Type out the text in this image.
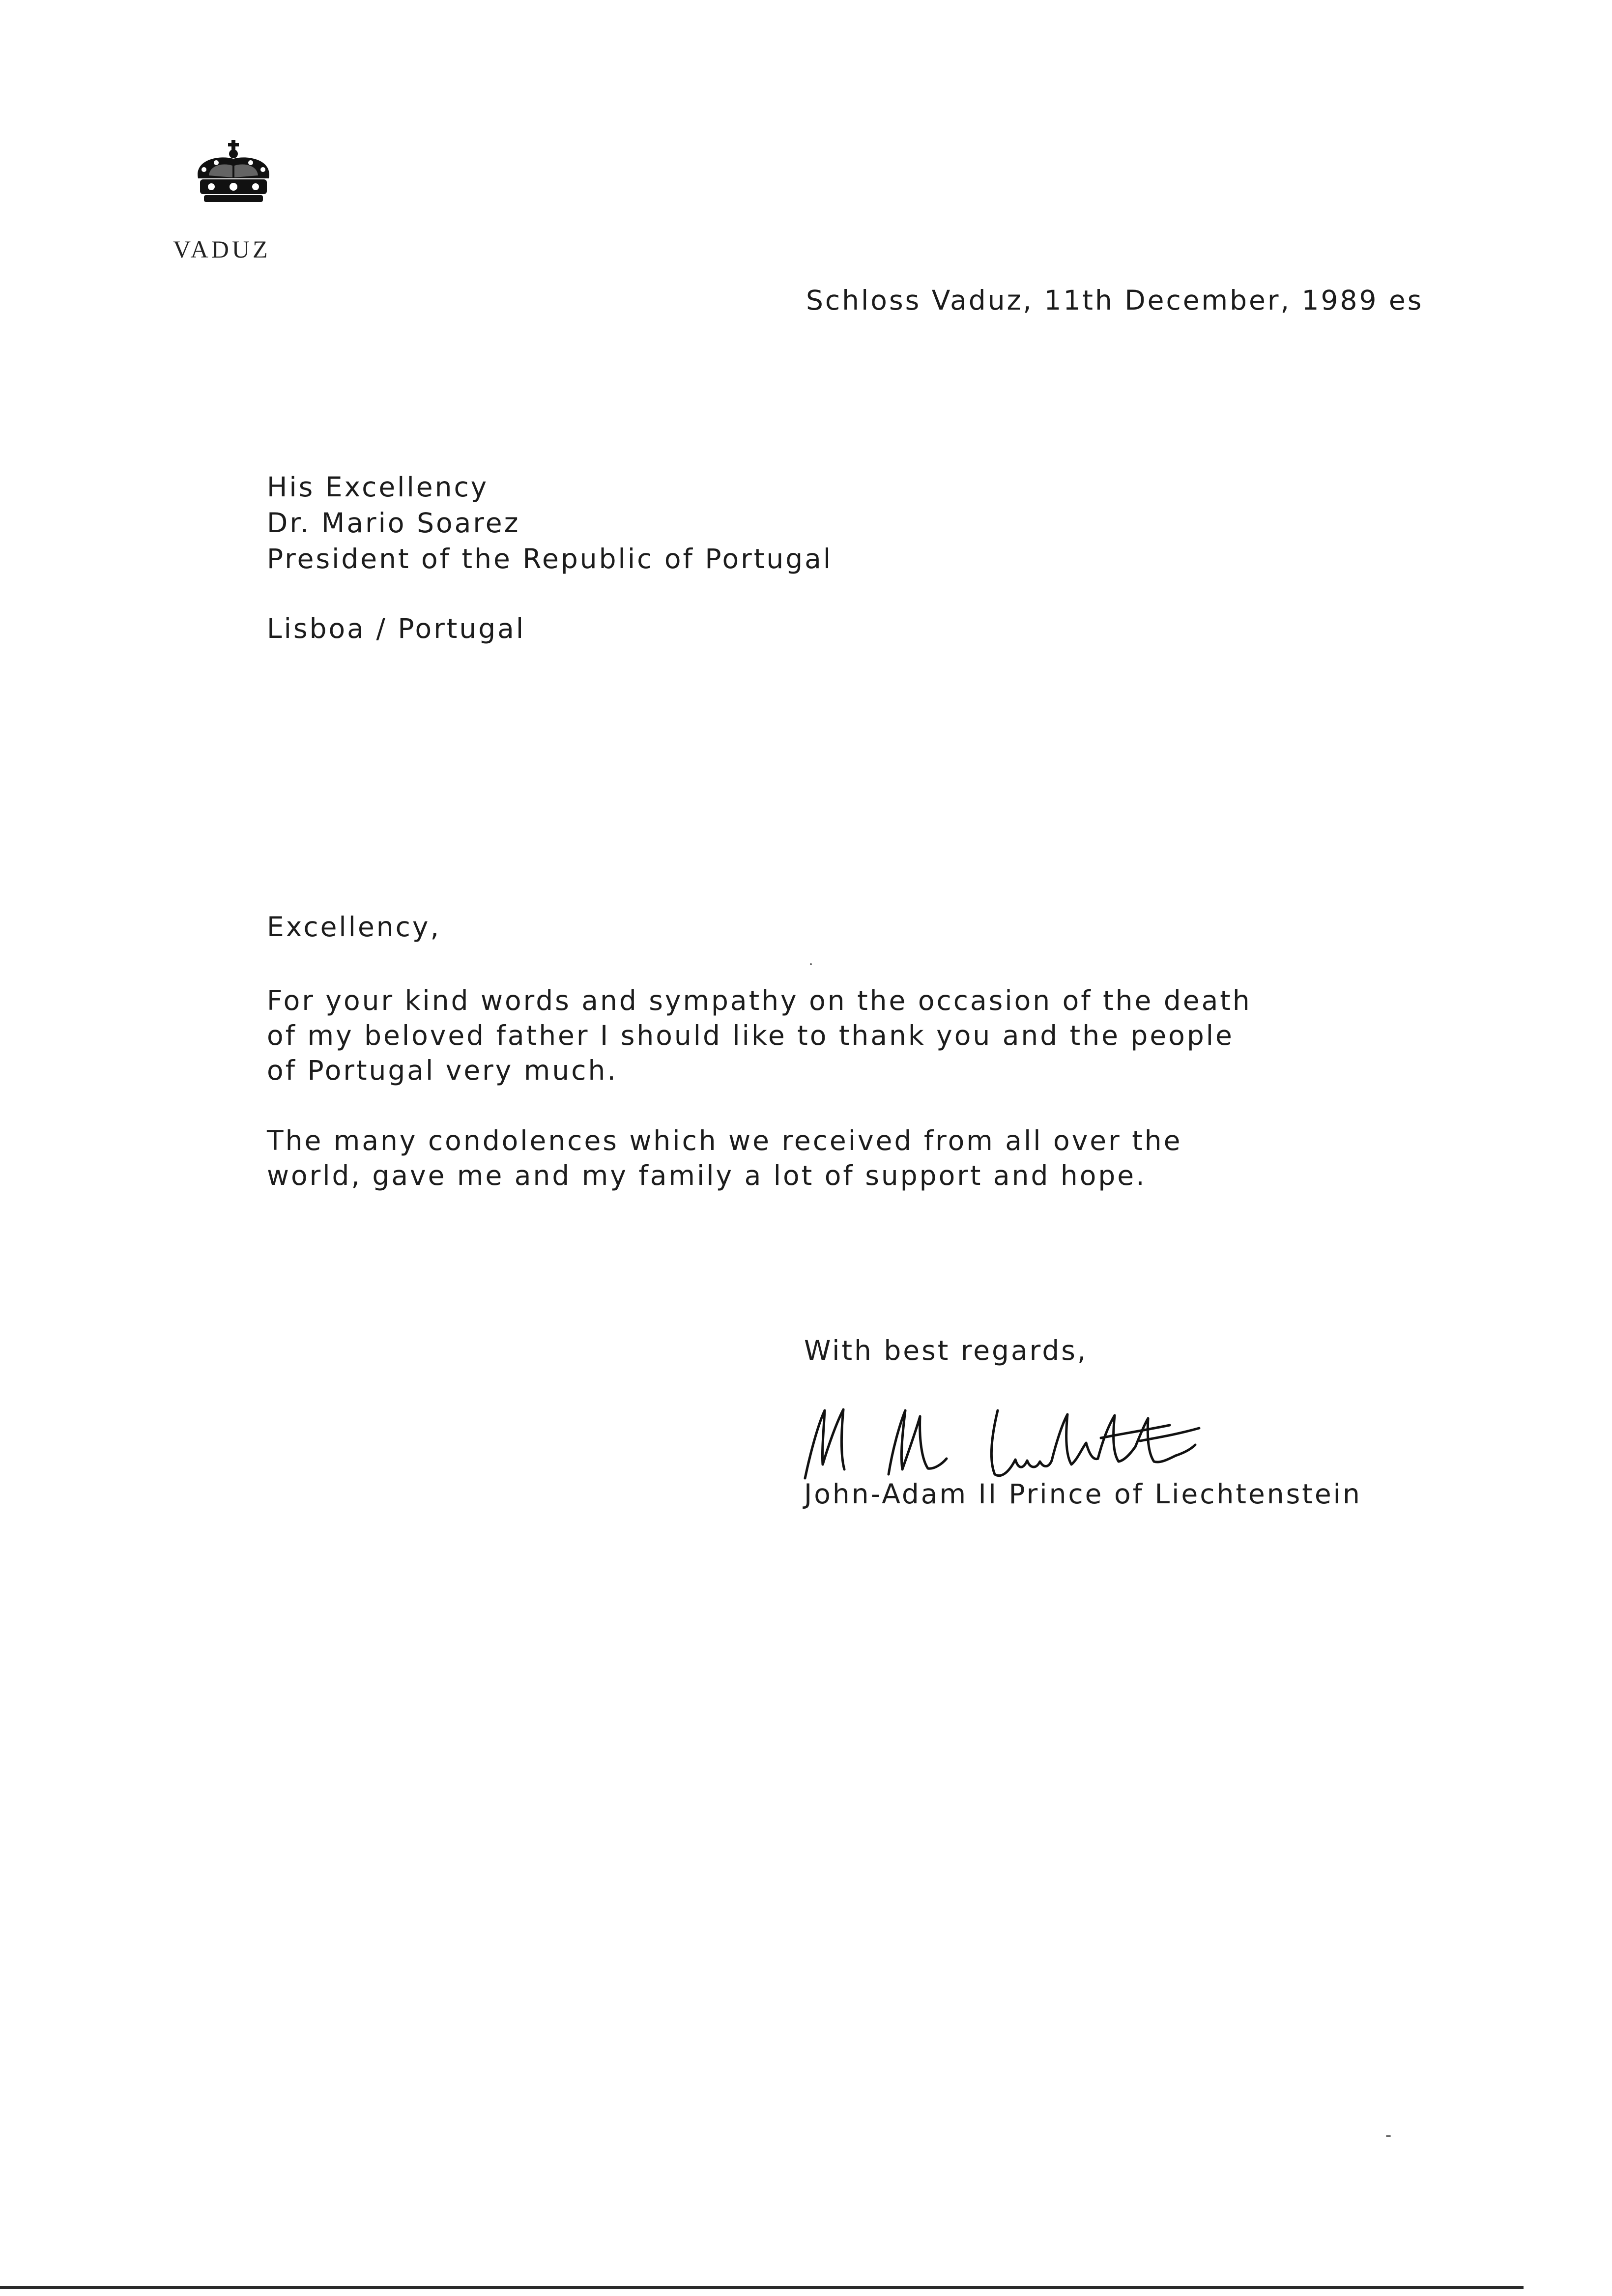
VADUZ
Schloss Vaduz, 11th December, 1989 es
His Excellency
Dr. Mario Soarez
President of the Republic of Portugal
Lisboa / Portugal
Excellency,
For your kind words and sympathy on the occasion of the death
of my beloved father I should like to thank you and the people
of Portugal very much.
The many condolences which we received from all over the
world, gave me and my family a lot of support and hope.
With best regards,
John-Adam II Prince of Liechtenstein
